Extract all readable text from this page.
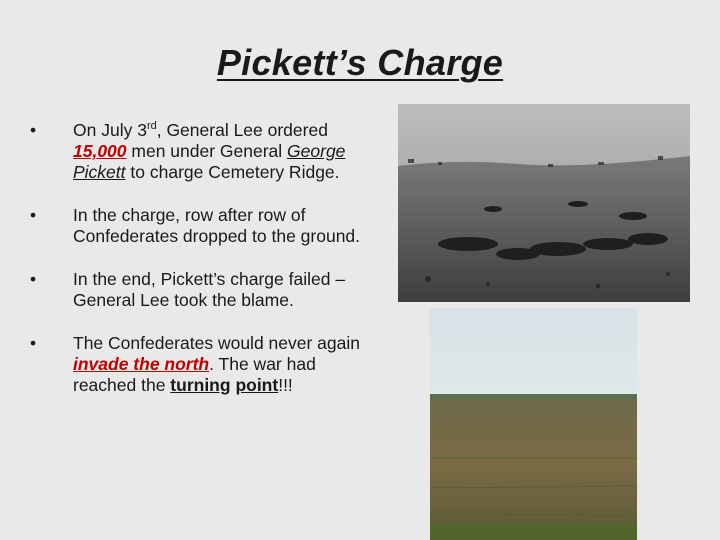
Pickett’s Charge
• On July 3rd, General Lee ordered 15,000 men under General George Pickett to charge Cemetery Ridge.
• In the charge, row after row of Confederates dropped to the ground.
• In the end, Pickett’s charge failed – General Lee took the blame.
• The Confederates would never again invade the north. The war had reached the turning point!!!
